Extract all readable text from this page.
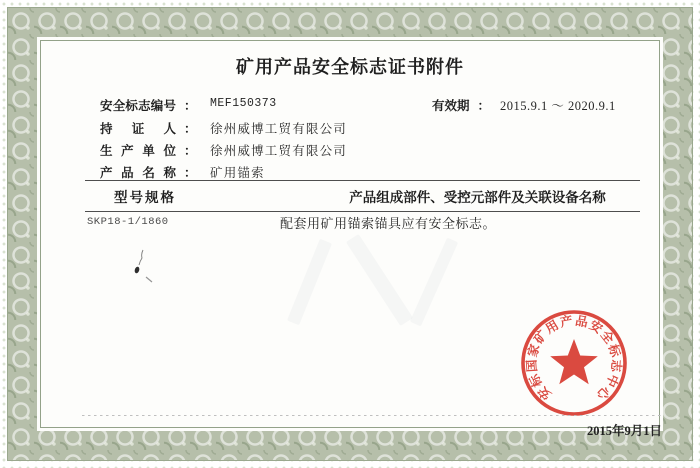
矿用产品安全标志证书附件
安全标志编号 ： MEF150373	有效期 ： 2015.9.1 ～ 2020.9.1
持证人 ： 徐州威博工贸有限公司
生产单位 ： 徐州威博工贸有限公司
产品名称 ： 矿用锚索
型号规格	产品组成部件、受控元部件及关联设备名称
SKP18-1/1860	配套用矿用锚索锚具应有安全标志。
安标国家矿用产品安全标志中心
2015年9月1日
